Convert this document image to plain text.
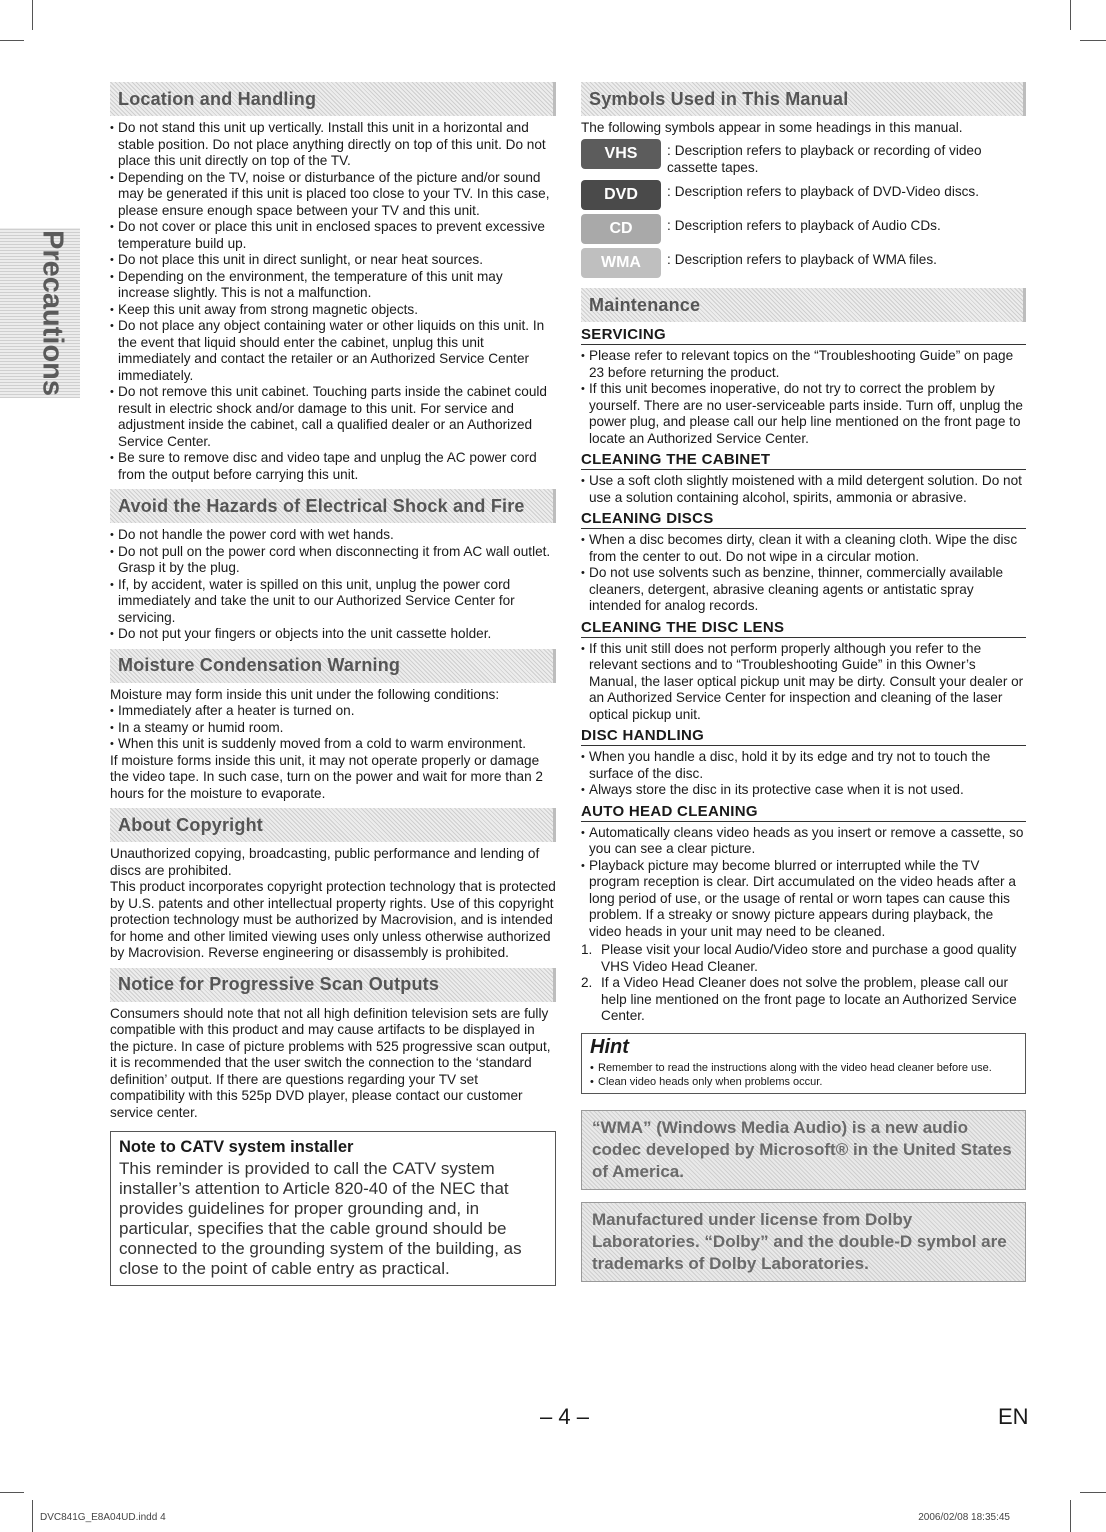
Precautions
Location and Handling
• Do not stand this unit up vertically. Install this unit in a horizontal and stable position. Do not place anything directly on top of this unit. Do not place this unit directly on top of the TV.
• Depending on the TV, noise or disturbance of the picture and/or sound may be generated if this unit is placed too close to your TV. In this case, please ensure enough space between your TV and this unit.
• Do not cover or place this unit in enclosed spaces to prevent excessive temperature build up.
• Do not place this unit in direct sunlight, or near heat sources.
• Depending on the environment, the temperature of this unit may increase slightly. This is not a malfunction.
• Keep this unit away from strong magnetic objects.
• Do not place any object containing water or other liquids on this unit. In the event that liquid should enter the cabinet, unplug this unit immediately and contact the retailer or an Authorized Service Center immediately.
• Do not remove this unit cabinet. Touching parts inside the cabinet could result in electric shock and/or damage to this unit. For service and adjustment inside the cabinet, call a qualified dealer or an Authorized Service Center.
• Be sure to remove disc and video tape and unplug the AC power cord from the output before carrying this unit.
Avoid the Hazards of Electrical Shock and Fire
• Do not handle the power cord with wet hands.
• Do not pull on the power cord when disconnecting it from AC wall outlet. Grasp it by the plug.
• If, by accident, water is spilled on this unit, unplug the power cord immediately and take the unit to our Authorized Service Center for servicing.
• Do not put your fingers or objects into the unit cassette holder.
Moisture Condensation Warning

Moisture may form inside this unit under the following conditions:

• Immediately after a heater is turned on.
• In a steamy or humid room.
• When this unit is suddenly moved from a cold to warm environment.

If moisture forms inside this unit, it may not operate properly or damage the video tape. In such case, turn on the power and wait for more than 2 hours for the moisture to evaporate.

About Copyright

Unauthorized copying, broadcasting, public performance and lending of discs are prohibited.

This product incorporates copyright protection technology that is protected by U.S. patents and other intellectual property rights. Use of this copyright protection technology must be authorized by Macrovision, and is intended for home and other limited viewing uses only unless otherwise authorized by Macrovision. Reverse engineering or disassembly is prohibited.

Notice for Progressive Scan Outputs

Consumers should note that not all high definition television sets are fully compatible with this product and may cause artifacts to be displayed in the picture. In case of picture problems with 525 progressive scan output, it is recommended that the user switch the connection to the ‘standard definition’ output. If there are questions regarding your TV set compatibility with this 525p DVD player, please contact our customer service center.

Note to CATV system installer
This reminder is provided to call the CATV system installer’s attention to Article 820-40 of the NEC that provides guidelines for proper grounding and, in particular, specifies that the cable ground should be connected to the grounding system of the building, as close to the point of cable entry as practical.
Symbols Used in This Manual

The following symbols appear in some headings in this manual.

VHS	: Description refers to playback or recording of video cassette tapes.
DVD	: Description refers to playback of DVD-Video discs.
CD	: Description refers to playback of Audio CDs.
WMA	: Description refers to playback of WMA files.
Maintenance
SERVICING
• Please refer to relevant topics on the “Troubleshooting Guide” on page 23 before returning the product.
• If this unit becomes inoperative, do not try to correct the problem by yourself. There are no user-serviceable parts inside. Turn off, unplug the power plug, and please call our help line mentioned on the front page to locate an Authorized Service Center.
CLEANING THE CABINET
• Use a soft cloth slightly moistened with a mild detergent solution. Do not use a solution containing alcohol, spirits, ammonia or abrasive.
CLEANING DISCS
• When a disc becomes dirty, clean it with a cleaning cloth. Wipe the disc from the center to out. Do not wipe in a circular motion.
• Do not use solvents such as benzine, thinner, commercially available cleaners, detergent, abrasive cleaning agents or antistatic spray intended for analog records.
CLEANING THE DISC LENS
• If this unit still does not perform properly although you refer to the relevant sections and to “Troubleshooting Guide” in this Owner’s Manual, the laser optical pickup unit may be dirty. Consult your dealer or an Authorized Service Center for inspection and cleaning of the laser optical pickup unit.
DISC HANDLING
• When you handle a disc, hold it by its edge and try not to touch the surface of the disc.
• Always store the disc in its protective case when it is not used.
AUTO HEAD CLEANING
• Automatically cleans video heads as you insert or remove a cassette, so you can see a clear picture.
• Playback picture may become blurred or interrupted while the TV program reception is clear. Dirt accumulated on the video heads after a long period of use, or the usage of rental or worn tapes can cause this problem. If a streaky or snowy picture appears during playback, the video heads in your unit may need to be cleaned.
1. Please visit your local Audio/Video store and purchase a good quality VHS Video Head Cleaner.
2. If a Video Head Cleaner does not solve the problem, please call our help line mentioned on the front page to locate an Authorized Service Center.
Hint
• Remember to read the instructions along with the video head cleaner before use.
• Clean video heads only when problems occur.
“WMA” (Windows Media Audio) is a new audio codec developed by Microsoft® in the United States of America.
Manufactured under license from Dolby Laboratories. “Dolby” and the double-D symbol are trademarks of Dolby Laboratories.
– 4 –	EN
DVC841G_E8A04UD.indd 4	2006/02/08 18:35:45
